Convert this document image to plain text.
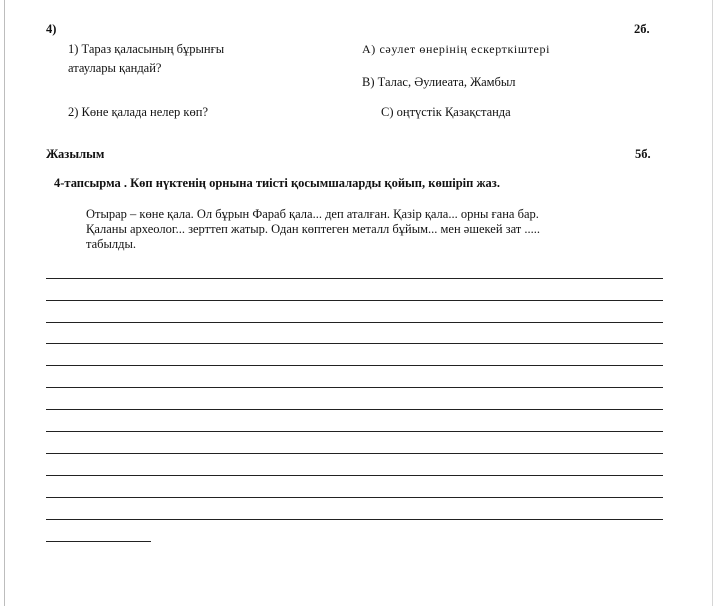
4)	2б.
1) Тараз қаласының бұрынғы
атаулары қандай?
2) Көне қалада нелер көп?
А) сәулет өнерінің ескерткіштері
В) Талас, Әулиеата, Жамбыл
С) оңтүстік Қазақстанда
Жазылым	5б.
4-тапсырма . Көп нүктенің орнына тиісті қосымшаларды қойып, көшіріп жаз.
Отырар – көне қала. Ол бұрын Фараб қала... деп аталған. Қазір қала... орны ғана бар.
Қаланы археолог... зерттеп жатыр. Одан көптеген металл бұйым... мен әшекей зат .....
табылды.
